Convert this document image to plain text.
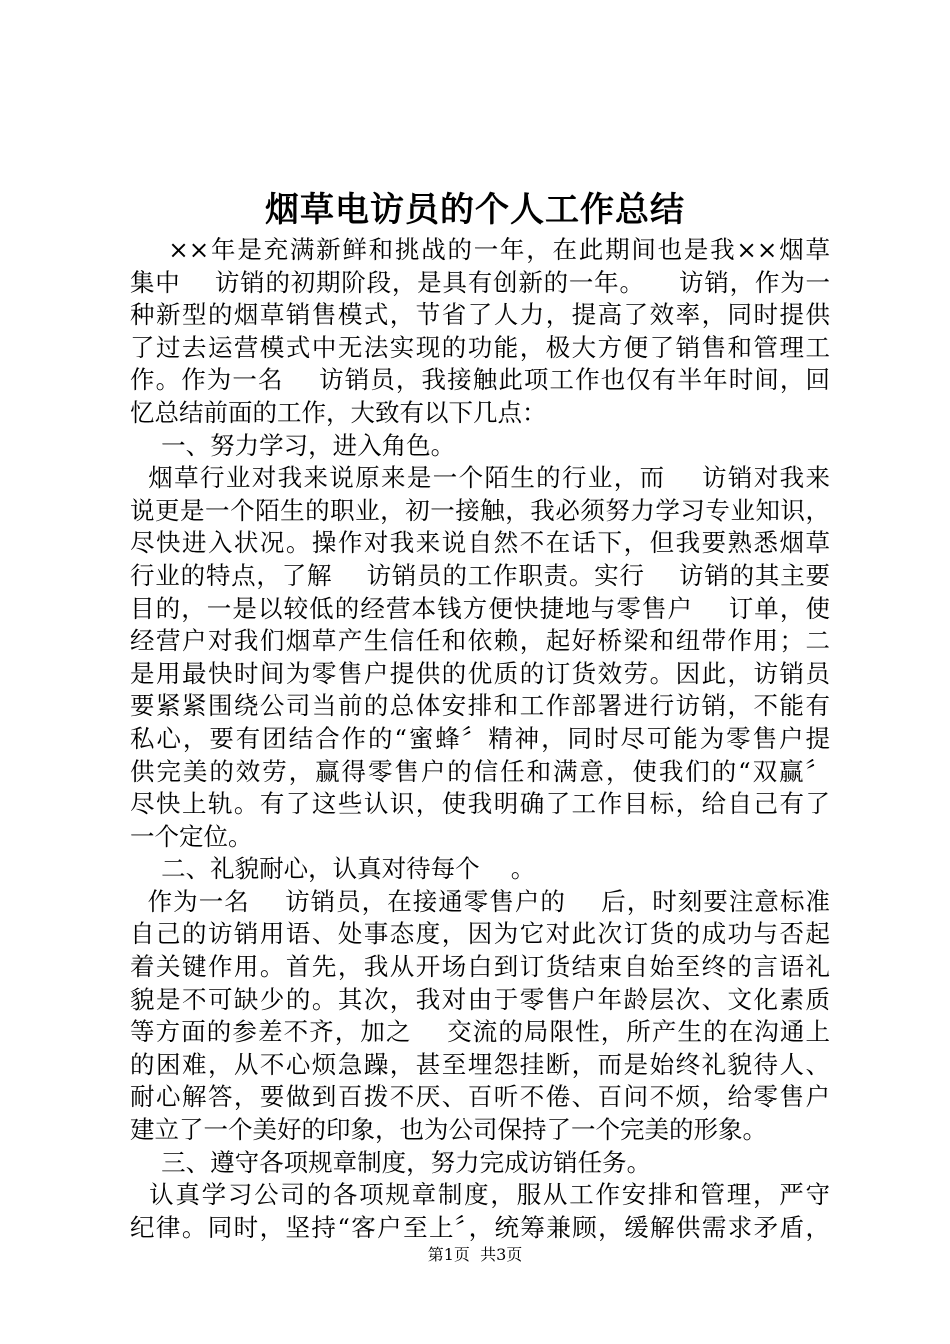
烟草电访员的个人工作总结
××年是充满新鲜和挑战的一年，在此期间也是我××烟草
集中    访销的初期阶段，是具有创新的一年。    访销，作为一
种新型的烟草销售模式，节省了人力，提高了效率，同时提供
了过去运营模式中无法实现的功能，极大方便了销售和管理工
作。作为一名    访销员，我接触此项工作也仅有半年时间，回
忆总结前面的工作，大致有以下几点：
一、努力学习，进入角色。
烟草行业对我来说原来是一个陌生的行业，而    访销对我来
说更是一个陌生的职业，初一接触，我必须努力学习专业知识，
尽快进入状况。操作对我来说自然不在话下，但我要熟悉烟草
行业的特点，了解    访销员的工作职责。实行    访销的其主要
目的，一是以较低的经营本钱方便快捷地与零售户    订单，使
经营户对我们烟草产生信任和依赖，起好桥梁和纽带作用；二
是用最快时间为零售户提供的优质的订货效劳。因此，访销员
要紧紧围绕公司当前的总体安排和工作部署进行访销，不能有
私心，要有团结合作的“蜜蜂〞精神，同时尽可能为零售户提
供完美的效劳，赢得零售户的信任和满意，使我们的“双赢〞
尽快上轨。有了这些认识，使我明确了工作目标，给自己有了
一个定位。
二、礼貌耐心，认真对待每个    。
作为一名    访销员，在接通零售户的    后，时刻要注意标准
自己的访销用语、处事态度，因为它对此次订货的成功与否起
着关键作用。首先，我从开场白到订货结束自始至终的言语礼
貌是不可缺少的。其次，我对由于零售户年龄层次、文化素质
等方面的参差不齐，加之    交流的局限性，所产生的在沟通上
的困难，从不心烦急躁，甚至埋怨挂断，而是始终礼貌待人、
耐心解答，要做到百拨不厌、百听不倦、百问不烦，给零售户
建立了一个美好的印象，也为公司保持了一个完美的形象。
三、遵守各项规章制度，努力完成访销任务。
认真学习公司的各项规章制度，服从工作安排和管理，严守
纪律。同时，坚持“客户至上〞，统筹兼顾，缓解供需求矛盾，
第1页  共3页
